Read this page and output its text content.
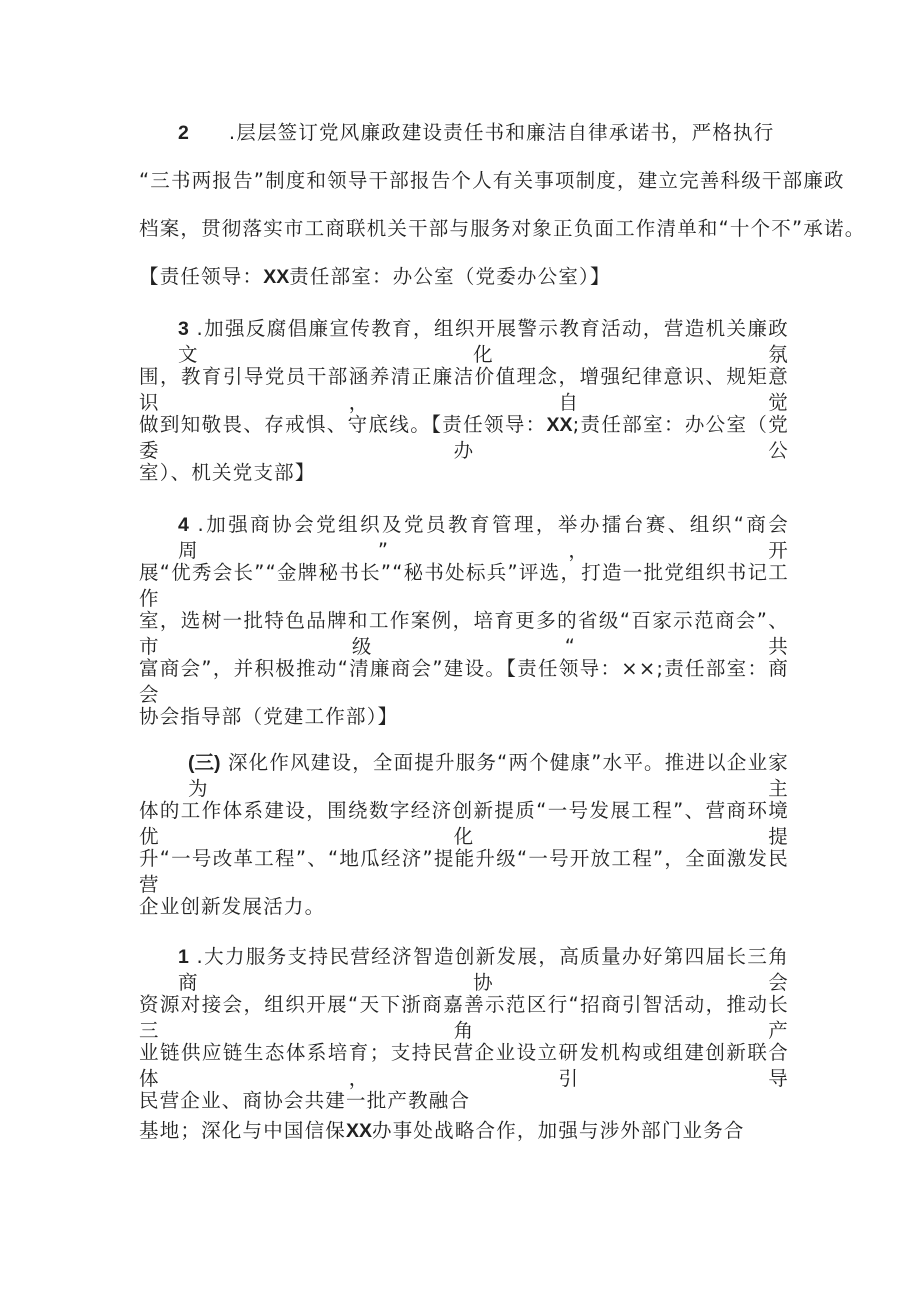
2 .层层签订党风廉政建设责任书和廉洁自律承诺书，严格执行
“三书两报告”制度和领导干部报告个人有关事项制度，建立完善科级干部廉政
档案，贯彻落实市工商联机关干部与服务对象正负面工作清单和“十个不”承诺。
【责任领导：XX责任部室：办公室（党委办公室）】
3 .加强反腐倡廉宣传教育，组织开展警示教育活动，营造机关廉政文化氛
围，教育引导党员干部涵养清正廉洁价值理念，增强纪律意识、规矩意识，自觉
做到知敬畏、存戒惧、守底线。【责任领导：XX;责任部室：办公室（党委办公
室）、机关党支部】
4 .加强商协会党组织及党员教育管理，举办擂台赛、组织“商会周”，开
展“优秀会长”“金牌秘书长”“秘书处标兵”评选，打造一批党组织书记工作
室，选树一批特色品牌和工作案例，培育更多的省级“百家示范商会”、市级“共
富商会”，并积极推动“清廉商会”建设。【责任领导：××;责任部室：商会
协会指导部（党建工作部）】
(三) 深化作风建设，全面提升服务“两个健康”水平。推进以企业家为主
体的工作体系建设，围绕数字经济创新提质“一号发展工程”、营商环境优化提
升“一号改革工程”、“地瓜经济”提能升级“一号开放工程”，全面激发民营
企业创新发展活力。
1 .大力服务支持民营经济智造创新发展，高质量办好第四届长三角商协会
资源对接会，组织开展“天下浙商嘉善示范区行“招商引智活动，推动长三角产
业链供应链生态体系培育；支持民营企业设立研发机构或组建创新联合体，引导
民营企业、商协会共建一批产教融合
基地；深化与中国信保XX办事处战略合作，加强与涉外部门业务合
